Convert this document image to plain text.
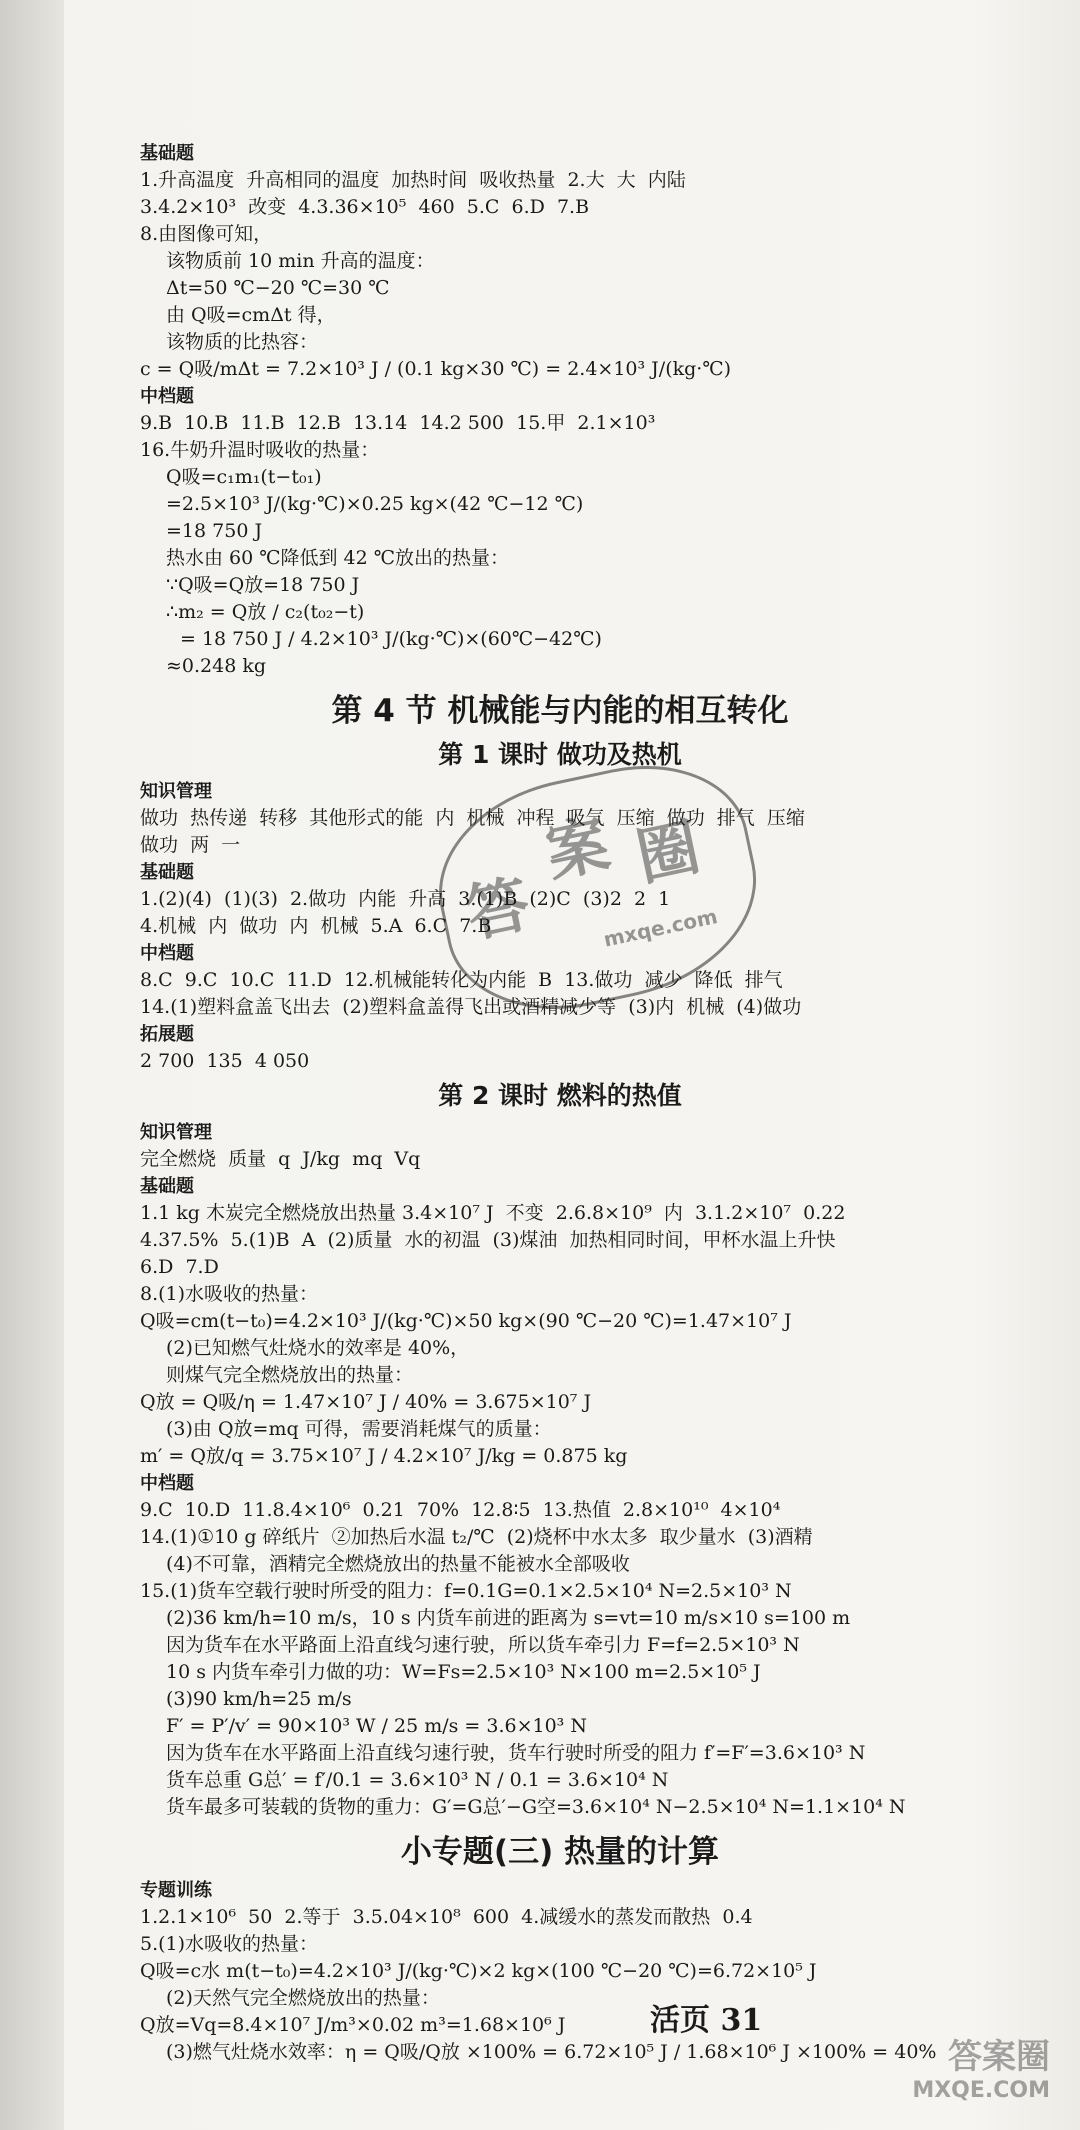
基础题
1.升高温度  升高相同的温度  加热时间  吸收热量  2.大  大  内陆
3.4.2×10³  改变  4.3.36×10⁵  460  5.C  6.D  7.B
8.由图像可知，
该物质前 10 min 升高的温度：
Δt=50 ℃−20 ℃=30 ℃
由 Q吸=cmΔt 得，
该物质的比热容：
c = Q吸/mΔt = 7.2×10³ J / (0.1 kg×30 ℃) = 2.4×10³ J/(kg·℃)
中档题
9.B  10.B  11.B  12.B  13.14  14.2 500  15.甲  2.1×10³
16.牛奶升温时吸收的热量：
Q吸=c₁m₁(t−t₀₁)
=2.5×10³ J/(kg·℃)×0.25 kg×(42 ℃−12 ℃)
=18 750 J
热水由 60 ℃降低到 42 ℃放出的热量：
∵Q吸=Q放=18 750 J
∴m₂ = Q放 / c₂(t₀₂−t)
= 18 750 J / 4.2×10³ J/(kg·℃)×(60℃−42℃)
≈0.248 kg
第 4 节 机械能与内能的相互转化
第 1 课时 做功及热机
知识管理
做功  热传递  转移  其他形式的能  内  机械  冲程  吸气  压缩  做功  排气  压缩
做功  两  一
基础题
1.(2)(4)  (1)(3)  2.做功  内能  升高  3.(1)B  (2)C  (3)2  2  1
4.机械  内  做功  内  机械  5.A  6.C  7.B
中档题
8.C  9.C  10.C  11.D  12.机械能转化为内能  B  13.做功  减少  降低  排气
14.(1)塑料盒盖飞出去  (2)塑料盒盖得飞出或酒精减少等  (3)内  机械  (4)做功
拓展题
2 700  135  4 050
第 2 课时 燃料的热值
知识管理
完全燃烧  质量  q  J/kg  mq  Vq
基础题
1.1 kg 木炭完全燃烧放出热量 3.4×10⁷ J  不变  2.6.8×10⁹  内  3.1.2×10⁷  0.22
4.37.5%  5.(1)B  A  (2)质量  水的初温  (3)煤油  加热相同时间，甲杯水温上升快
6.D  7.D
8.(1)水吸收的热量：
Q吸=cm(t−t₀)=4.2×10³ J/(kg·℃)×50 kg×(90 ℃−20 ℃)=1.47×10⁷ J
(2)已知燃气灶烧水的效率是 40%，
则煤气完全燃烧放出的热量：
Q放 = Q吸/η = 1.47×10⁷ J / 40% = 3.675×10⁷ J
(3)由 Q放=mq 可得，需要消耗煤气的质量：
m′ = Q放/q = 3.75×10⁷ J / 4.2×10⁷ J/kg = 0.875 kg
中档题
9.C  10.D  11.8.4×10⁶  0.21  70%  12.8∶5  13.热值  2.8×10¹⁰  4×10⁴
14.(1)①10 g 碎纸片  ②加热后水温 t₂/℃  (2)烧杯中水太多  取少量水  (3)酒精
(4)不可靠，酒精完全燃烧放出的热量不能被水全部吸收
15.(1)货车空载行驶时所受的阻力：f=0.1G=0.1×2.5×10⁴ N=2.5×10³ N
(2)36 km/h=10 m/s，10 s 内货车前进的距离为 s=vt=10 m/s×10 s=100 m
因为货车在水平路面上沿直线匀速行驶，所以货车牵引力 F=f=2.5×10³ N
10 s 内货车牵引力做的功：W=Fs=2.5×10³ N×100 m=2.5×10⁵ J
(3)90 km/h=25 m/s
F′ = P′/v′ = 90×10³ W / 25 m/s = 3.6×10³ N
因为货车在水平路面上沿直线匀速行驶，货车行驶时所受的阻力 f′=F′=3.6×10³ N
货车总重 G总′ = f′/0.1 = 3.6×10³ N / 0.1 = 3.6×10⁴ N
货车最多可装载的货物的重力：G′=G总′−G空=3.6×10⁴ N−2.5×10⁴ N=1.1×10⁴ N
小专题(三) 热量的计算
专题训练
1.2.1×10⁶  50  2.等于  3.5.04×10⁸  600  4.减缓水的蒸发而散热  0.4
5.(1)水吸收的热量：
Q吸=c水 m(t−t₀)=4.2×10³ J/(kg·℃)×2 kg×(100 ℃−20 ℃)=6.72×10⁵ J
(2)天然气完全燃烧放出的热量：
Q放=Vq=8.4×10⁷ J/m³×0.02 m³=1.68×10⁶ J
(3)燃气灶烧水效率：η = Q吸/Q放 ×100% = 6.72×10⁵ J / 1.68×10⁶ J ×100% = 40%
答
案 圈
mxqe.com
活页 31
答案圈
MXQE.COM
